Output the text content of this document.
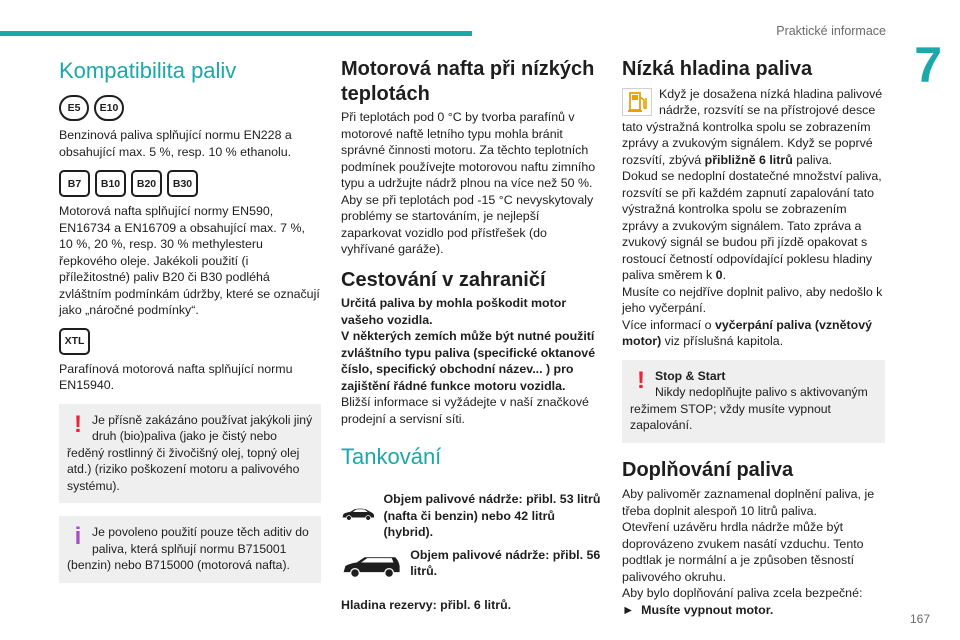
Praktické informace
7
167
Kompatibilita paliv
E5	E10

Benzinová paliva splňující normu EN228 a obsahující max. 5 %, resp. 10 % ethanolu.

B7	B10	B20	B30

Motorová nafta splňující normy EN590, EN16734 a EN16709 a obsahující max. 7 %, 10 %, 20 %, resp. 30 % methylesteru řepkového oleje. Jakékoli použití (i příležitostné) paliv B20 či B30 podléhá zvláštním podmínkám údržby, které se označují jako „náročné podmínky“.

XTL

Parafínová motorová nafta splňující normu EN15940.

! Je přísně zakázáno používat jakýkoli jiný druh (bio)paliva (jako je čistý nebo ředěný rostlinný či živočišný olej, topný olej atd.) (riziko poškození motoru a palivového systému).

i Je povoleno použití pouze těch aditiv do paliva, která splňují normu B715001 (benzin) nebo B715000 (motorová nafta).

Motorová nafta při nízkých teplotách

Při teplotách pod 0 °C by tvorba parafínů v motorové naftě letního typu mohla bránit správné činnosti motoru. Za těchto teplotních podmínek používejte motorovou naftu zimního typu a udržujte nádrž plnou na více než 50 %.

Aby se při teplotách pod -15 °C nevyskytovaly problémy se startováním, je nejlepší zaparkovat vozidlo pod přístřešek (do vyhřívané garáže).

Cestování v zahraničí

Určitá paliva by mohla poškodit motor vašeho vozidla.

V některých zemích může být nutné použití zvláštního typu paliva (specifické oktanové číslo, specifický obchodní název... ) pro zajištění řádné funkce motoru vozidla.

Bližší informace si vyžádejte v naší značkové prodejní a servisní síti.

Tankování

Objem palivové nádrže: přibl. 53 litrů (nafta či benzin) nebo 42 litrů (hybrid).

Objem palivové nádrže: přibl. 56 litrů.

Hladina rezervy: přibl. 6 litrů.

Nízká hladina paliva

Když je dosažena nízká hladina palivové nádrže, rozsvítí se na přístrojové desce tato výstražná kontrolka spolu se zobrazením zprávy a zvukovým signálem. Když se poprvé rozsvítí, zbývá přibližně 6 litrů paliva.

Dokud se nedoplní dostatečné množství paliva, rozsvítí se při každém zapnutí zapalování tato výstražná kontrolka spolu se zobrazením zprávy a zvukovým signálem. Tato zpráva a zvukový signál se budou při jízdě opakovat s rostoucí četností odpovídající poklesu hladiny paliva směrem k 0.

Musíte co nejdříve doplnit palivo, aby nedošlo k jeho vyčerpání.

Více informací o vyčerpání paliva (vznětový motor) viz příslušná kapitola.

! Stop & Start

Nikdy nedoplňujte palivo s aktivovaným režimem STOP; vždy musíte vypnout zapalování.

Doplňování paliva

Aby palivoměr zaznamenal doplnění paliva, je třeba doplnit alespoň 10 litrů paliva.

Otevření uzávěru hrdla nádrže může být doprovázeno zvukem nasátí vzduchu. Tento podtlak je normální a je způsoben těsností palivového okruhu.

Aby bylo doplňování paliva zcela bezpečné:

► Musíte vypnout motor.
